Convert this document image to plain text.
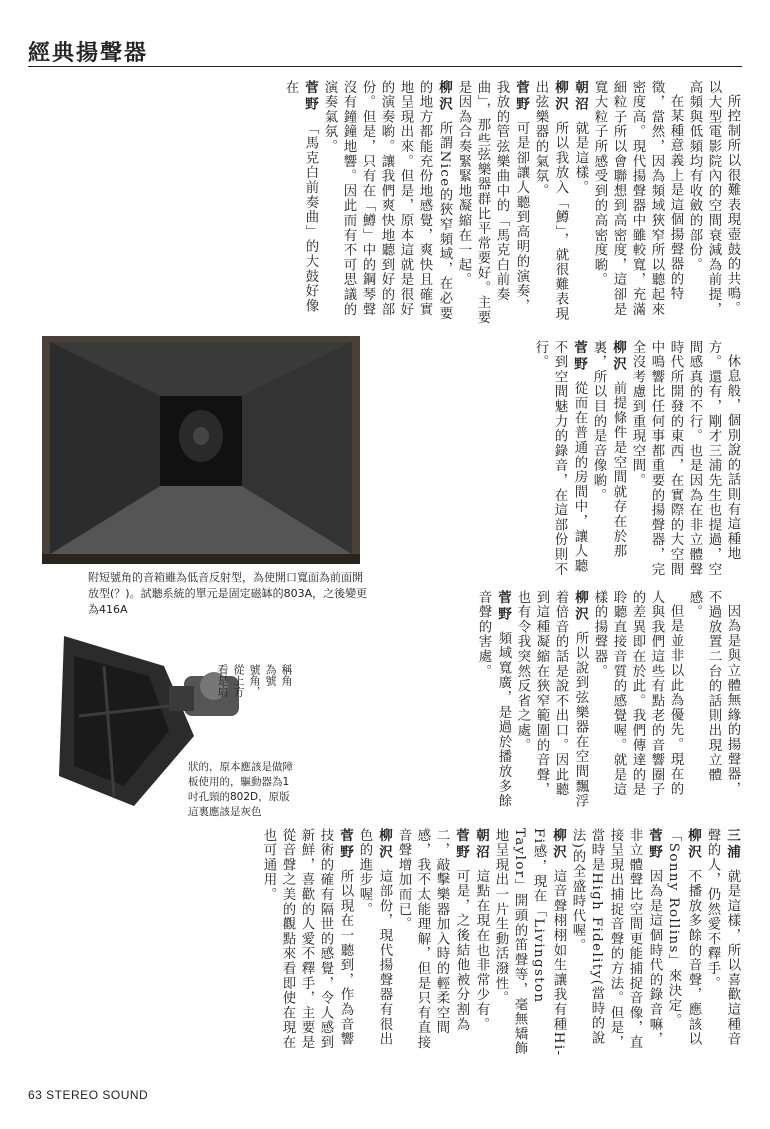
經典揚聲器
所控制所以很難表現壺鼓的共鳴。以大型電影院內的空間衰減為前提，高頻與低頻均有收斂的部份。
在某種意義上是這個揚聲器的特徵，當然，因為頻域狹窄所以聽起來密度高。現代揚聲器中雖較寬，充滿細粒子所以會聯想到高密度，這卻是寬大粒子所感受到的高密度喲。
朝沼就是這樣。
柳沢所以我放入「鱒」，就很難表現出弦樂器的氣氛。
菅野可是卻讓人聽到高明的演奏，我放的管弦樂曲中的「馬克白前奏曲」，那些弦樂器群比平常要好。主要是因為合奏緊緊地凝縮在一起。
柳沢所謂Nice的狹窄頻域，在必要的地方都能充份地感覺，爽快且確實地呈現出來。但是，原本這就是很好的演奏喲。讓我們爽快地聽到好的部份。但是，只有在「鱒」中的鋼琴聲沒有鐘鐘地響。因此而有不可思議的演奏氣氛。
菅野「馬克白前奏曲」的大鼓好像在
附短號角的音箱雖為低音反射型，為使開口寬面為前面開放型(？)。試聽系統的單元是固定磁缽的803A，之後變更為416A
稱角
為號
號角，
從上方
看是扇
狀的，原本應該是做障板使用的，驅動器為1吋孔頸的802D，原版這裏應該是灰色
休息般，個別說的話則有這種地方。還有，剛才三浦先生也提過，空間感真的不行。也是因為在非立體聲時代所開發的東西，在實際的大空間中鳴響比任何事都重要的揚聲器，完全沒考慮到重現空間。
柳沢前提條件是空間就存在於那裏，所以目的是音像喲。
菅野從而在普通的房間中，讓人聽不到空間魅力的錄音，在這部份則不行。
因為是與立體無緣的揚聲器，不過放置二台的話則出現立體感。
但是並非以此為優先。現在的人與我們這些有點老的音響圈子的差異即在於此。我們傳達的是聆聽直接音質的感覺喔。就是這樣的揚聲器。
柳沢所以說到弦樂器在空間飄浮着倍音的話是說不出口。因此聽到這種凝縮在狹窄範圍的音聲，也有令我突然反省之處。
菅野頻域寬廣，是過於播放多餘音聲的害處。
三浦就是這樣，所以喜歡這種音聲的人，仍然愛不釋手。
柳沢不播放多餘的音聲，應該以「Sonny Rollins」來決定。
菅野因為是這個時代的錄音嘛，非立體聲比空間更能捕捉音像，直接呈現出捕捉音聲的方法。但是，當時是High Fidelity(當時的說法)的全盛時代喔。
柳沢這音聲栩栩如生讓我有種Hi-Fi感，現在「Livingston Taylor」開頭的笛聲等，毫無矯飾地呈現出一片生動活潑性。
朝沼這點在現在也非常少有。
菅野可是，之後結他被分割為二，敲擊樂器加入時的輕柔空間感，我不太能理解，但是只有直接音聲增加而已。
柳沢這部份，現代揚聲器有很出色的進步喔。
菅野所以現在一聽到，作為音響技術的確有隔世的感覺，令人感到新鮮，喜歡的人愛不釋手，主要是從音聲之美的觀點來看即使在現在也可通用。
63 STEREO SOUND
